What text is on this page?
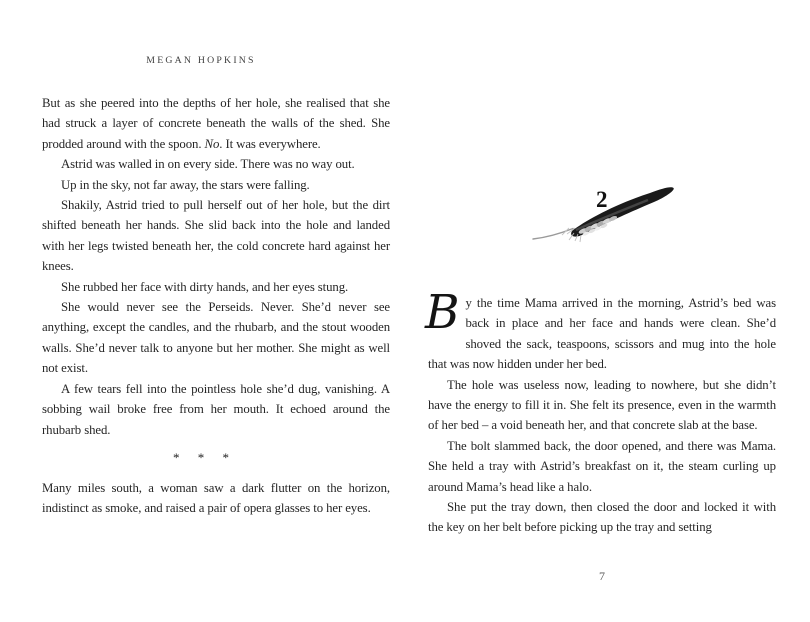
MEGAN HOPKINS

But as she peered into the depths of her hole, she realised that she had struck a layer of concrete beneath the walls of the shed. She prodded around with the spoon. No. It was everywhere.

Astrid was walled in on every side. There was no way out.

Up in the sky, not far away, the stars were falling.

Shakily, Astrid tried to pull herself out of her hole, but the dirt shifted beneath her hands. She slid back into the hole and landed with her legs twisted beneath her, the cold concrete hard against her knees.

She rubbed her face with dirty hands, and her eyes stung.

She would never see the Perseids. Never. She’d never see anything, except the candles, and the rhubarb, and the stout wooden walls. She’d never talk to anyone but her mother. She might as well not exist.

A few tears fell into the pointless hole she’d dug, vanishing. A sobbing wail broke free from her mouth. It echoed around the rhubarb shed.

* * *

Many miles south, a woman saw a dark flutter on the horizon, indistinct as smoke, and raised a pair of opera glasses to her eyes.

2

By the time Mama arrived in the morning, Astrid’s bed was back in place and her face and hands were clean. She’d shoved the sack, teaspoons, scissors and mug into the hole that was now hidden under her bed.

The hole was useless now, leading to nowhere, but she didn’t have the energy to fill it in. She felt its presence, even in the warmth of her bed – a void beneath her, and that concrete slab at the base.

The bolt slammed back, the door opened, and there was Mama. She held a tray with Astrid’s breakfast on it, the steam curling up around Mama’s head like a halo.

She put the tray down, then closed the door and locked it with the key on her belt before picking up the tray and setting

7
